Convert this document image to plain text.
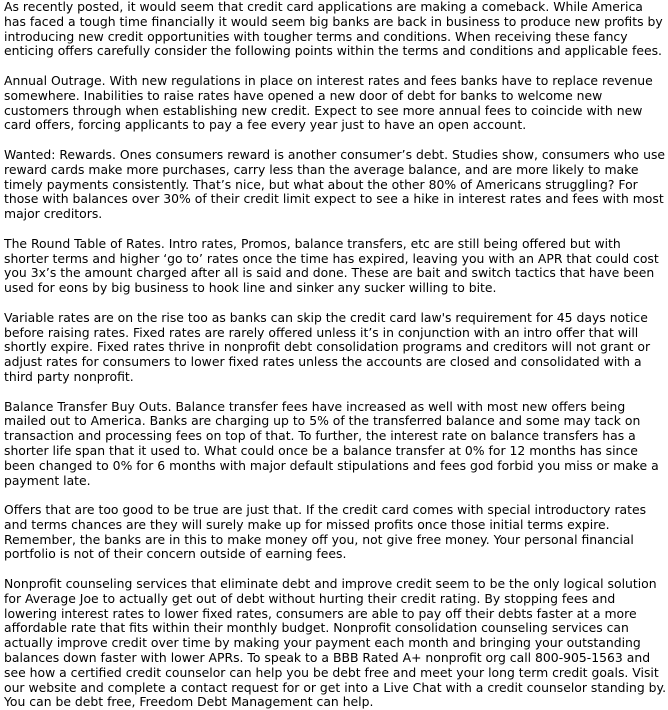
As recently posted, it would seem that credit card applications are making a comeback. While America has faced a tough time financially it would seem big banks are back in business to produce new profits by introducing new credit opportunities with tougher terms and conditions. When receiving these fancy enticing offers carefully consider the following points within the terms and conditions and applicable fees.

Annual Outrage. With new regulations in place on interest rates and fees banks have to replace revenue somewhere. Inabilities to raise rates have opened a new door of debt for banks to welcome new customers through when establishing new credit. Expect to see more annual fees to coincide with new card offers, forcing applicants to pay a fee every year just to have an open account.

Wanted: Rewards. Ones consumers reward is another consumer’s debt. Studies show, consumers who use reward cards make more purchases, carry less than the average balance, and are more likely to make timely payments consistently. That’s nice, but what about the other 80% of Americans struggling? For those with balances over 30% of their credit limit expect to see a hike in interest rates and fees with most major creditors.

The Round Table of Rates. Intro rates, Promos, balance transfers, etc are still being offered but with shorter terms and higher ‘go to’ rates once the time has expired, leaving you with an APR that could cost you 3x’s the amount charged after all is said and done. These are bait and switch tactics that have been used for eons by big business to hook line and sinker any sucker willing to bite.

Variable rates are on the rise too as banks can skip the credit card law's requirement for 45 days notice before raising rates. Fixed rates are rarely offered unless it’s in conjunction with an intro offer that will shortly expire. Fixed rates thrive in nonprofit debt consolidation programs and creditors will not grant or adjust rates for consumers to lower fixed rates unless the accounts are closed and consolidated with a third party nonprofit.

Balance Transfer Buy Outs. Balance transfer fees have increased as well with most new offers being mailed out to America. Banks are charging up to 5% of the transferred balance and some may tack on transaction and processing fees on top of that. To further, the interest rate on balance transfers has a shorter life span that it used to. What could once be a balance transfer at 0% for 12 months has since been changed to 0% for 6 months with major default stipulations and fees god forbid you miss or make a payment late.

Offers that are too good to be true are just that. If the credit card comes with special introductory rates and terms chances are they will surely make up for missed profits once those initial terms expire. Remember, the banks are in this to make money off you, not give free money. Your personal financial portfolio is not of their concern outside of earning fees.

Nonprofit counseling services that eliminate debt and improve credit seem to be the only logical solution for Average Joe to actually get out of debt without hurting their credit rating. By stopping fees and lowering interest rates to lower fixed rates, consumers are able to pay off their debts faster at a more affordable rate that fits within their monthly budget. Nonprofit consolidation counseling services can actually improve credit over time by making your payment each month and bringing your outstanding balances down faster with lower APRs. To speak to a BBB Rated A+ nonprofit org call 800-905-1563 and see how a certified credit counselor can help you be debt free and meet your long term credit goals. Visit our website and complete a contact request for or get into a Live Chat with a credit counselor standing by. You can be debt free, Freedom Debt Management can help.
